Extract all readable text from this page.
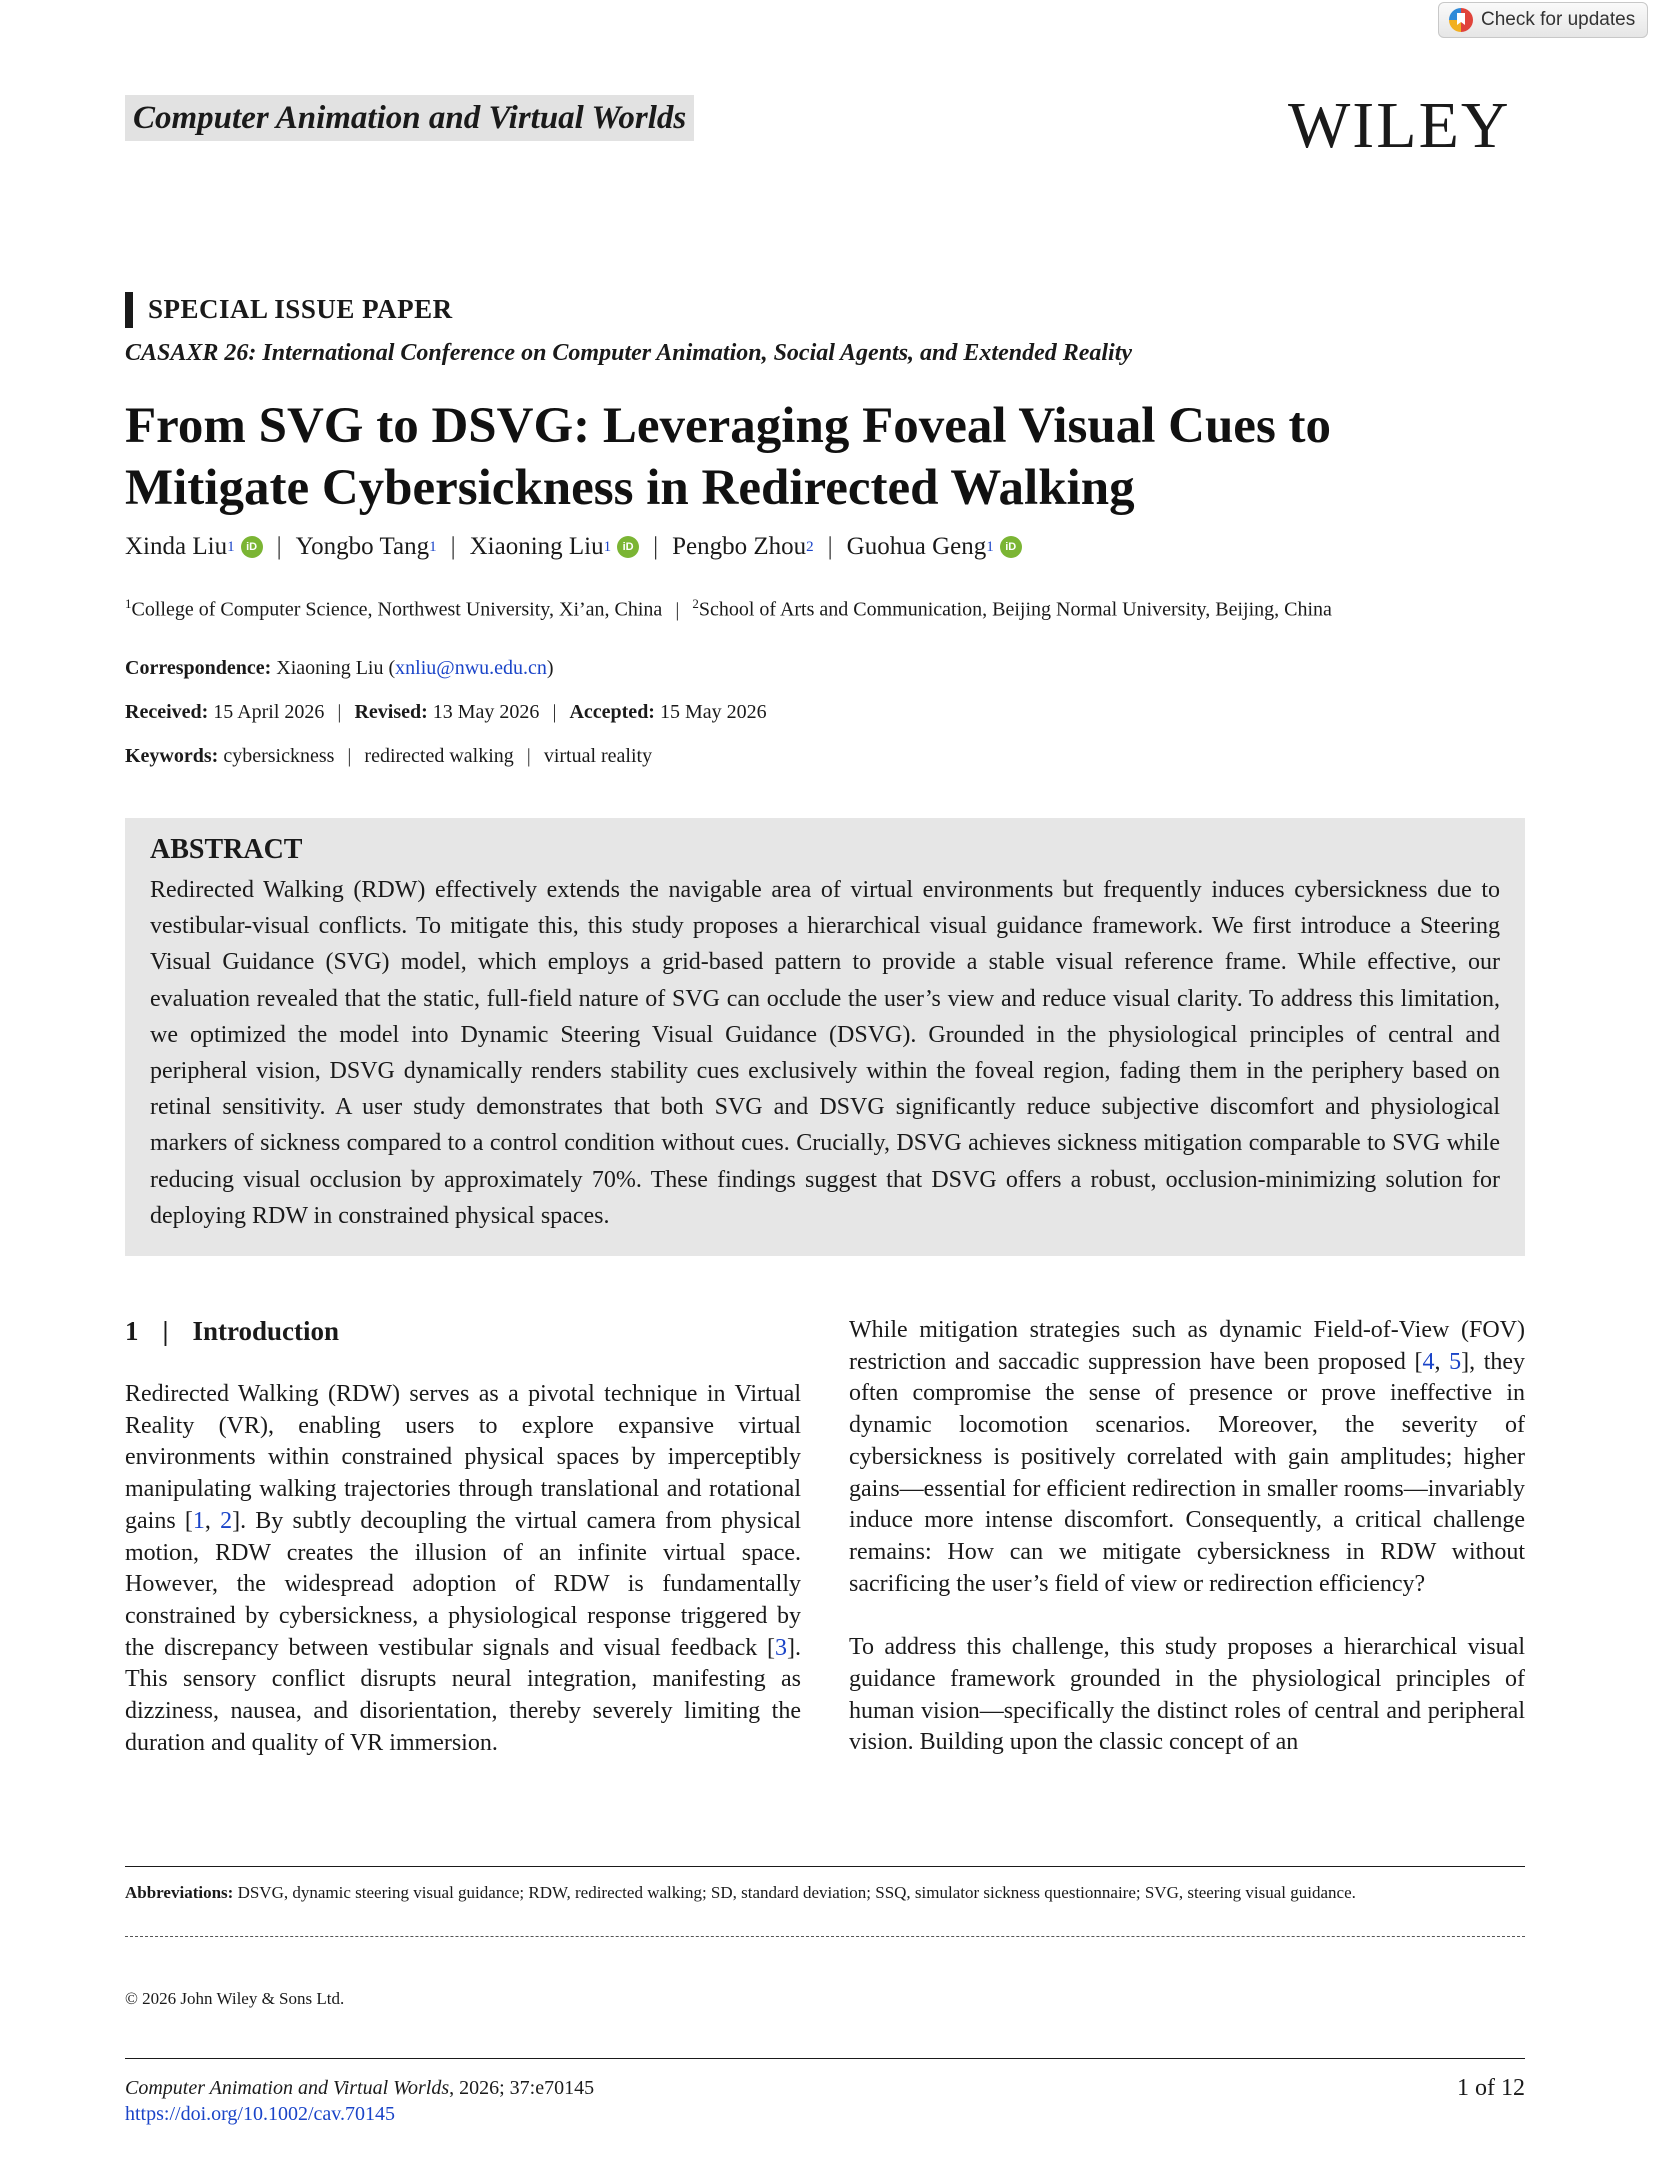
Check for updates
Computer Animation and Virtual Worlds	WILEY
SPECIAL ISSUE PAPER
CASAXR 26: International Conference on Computer Animation, Social Agents, and Extended Reality
From SVG to DSVG: Leveraging Foveal Visual Cues to
Mitigate Cybersickness in Redirected Walking
Xinda Liu 1	iD | Yongbo Tang 1 | Xiaoning Liu 1	iD | Pengbo Zhou 2 | Guohua Geng 1	iD
$^1$College of Computer Science, Northwest University, Xi’an, China | $^2$School of Arts and Communication, Beijing Normal University, Beijing, China
Correspondence: Xiaoning Liu (xnliu@nwu.edu.cn)
Received: 15 April 2026 | Revised: 13 May 2026 | Accepted: 15 May 2026
Keywords: cybersickness | redirected walking | virtual reality
ABSTRACT

Redirected Walking (RDW) effectively extends the navigable area of virtual environments but frequently induces cybersickness due to vestibular-visual conflicts. To mitigate this, this study proposes a hierarchical visual guidance framework. We first introduce a Steering Visual Guidance (SVG) model, which employs a grid-based pattern to provide a stable visual reference frame. While effective, our evaluation revealed that the static, full-field nature of SVG can occlude the user’s view and reduce visual clarity. To address this limitation, we optimized the model into Dynamic Steering Visual Guidance (DSVG). Grounded in the physiological principles of central and peripheral vision, DSVG dynamically renders stability cues exclusively within the foveal region, fading them in the periphery based on retinal sensitivity. A user study demonstrates that both SVG and DSVG significantly reduce subjective discomfort and physiological markers of sickness compared to a control condition without cues. Crucially, DSVG achieves sickness mitigation comparable to SVG while reducing visual occlusion by approximately 70%. These findings suggest that DSVG offers a robust, occlusion-minimizing solution for deploying RDW in constrained physical spaces.

1 | Introduction
Redirected Walking (RDW) serves as a pivotal technique in Virtual Reality (VR), enabling users to explore expansive virtual environments within constrained physical spaces by imperceptibly manipulating walking trajectories through translational and rotational gains [1, 2]. By subtly decoupling the virtual camera from physical motion, RDW creates the illusion of an infinite virtual space. However, the widespread adoption of RDW is fundamentally constrained by cybersickness, a physiological response triggered by the discrepancy between vestibular signals and visual feedback [3]. This sensory conflict disrupts neural integration, manifesting as dizziness, nausea, and disorientation, thereby severely limiting the duration and quality of VR immersion.

While mitigation strategies such as dynamic Field-of-View (FOV) restriction and saccadic suppression have been proposed [4, 5], they often compromise the sense of presence or prove ineffective in dynamic locomotion scenarios. Moreover, the severity of cybersickness is positively correlated with gain amplitudes; higher gains—essential for efficient redirection in smaller rooms—invariably induce more intense discomfort. Consequently, a critical challenge remains: How can we mitigate cybersickness in RDW without sacrificing the user’s field of view or redirection efficiency?

To address this challenge, this study proposes a hierarchical visual guidance framework grounded in the physiological principles of human vision—specifically the distinct roles of central and peripheral vision. Building upon the classic concept of an

Abbreviations: DSVG, dynamic steering visual guidance; RDW, redirected walking; SD, standard deviation; SSQ, simulator sickness questionnaire; SVG, steering visual guidance.
© 2026 John Wiley & Sons Ltd.
Computer Animation and Virtual Worlds, 2026; 37:e70145
https://doi.org/10.1002/cav.70145
1 of 12
